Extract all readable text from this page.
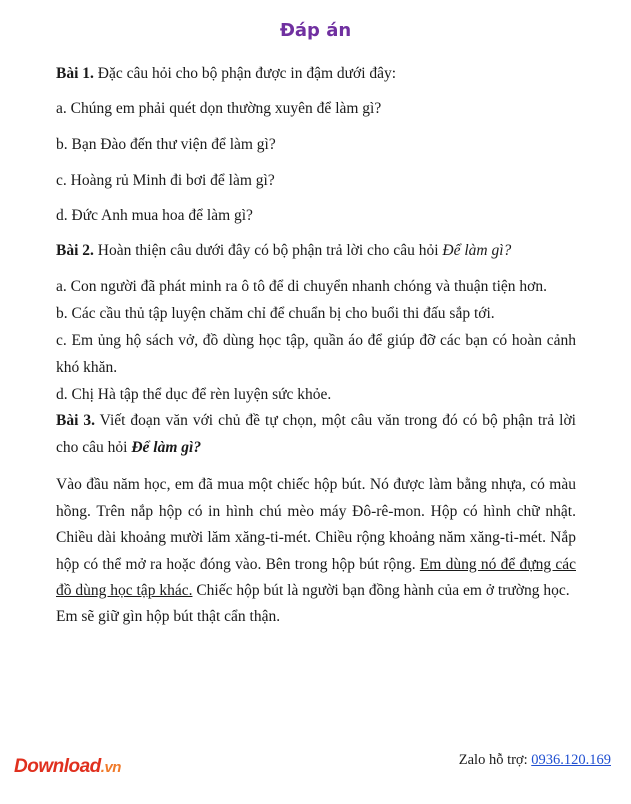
Đáp án
Bài 1. Đặc câu hỏi cho bộ phận được in đậm dưới đây:
a. Chúng em phải quét dọn thường xuyên để làm gì?
b. Bạn Đào đến thư viện để làm gì?
c. Hoàng rủ Minh đi bơi để làm gì?
d. Đức Anh mua hoa để làm gì?
Bài 2. Hoàn thiện câu dưới đây có bộ phận trả lời cho câu hỏi Để làm gì?
a. Con người đã phát minh ra ô tô để di chuyển nhanh chóng và thuận tiện hơn.
b. Các cầu thủ tập luyện chăm chỉ để chuẩn bị cho buổi thi đấu sắp tới.
c. Em ủng hộ sách vở, đồ dùng học tập, quần áo để giúp đỡ các bạn có hoàn cảnh
khó khăn.
d. Chị Hà tập thể dục để rèn luyện sức khỏe.
Bài 3. Viết đoạn văn với chủ đề tự chọn, một câu văn trong đó có bộ phận trả lời
cho câu hỏi Để làm gì?
Vào đầu năm học, em đã mua một chiếc hộp bút. Nó được làm bằng nhựa, có màu
hồng. Trên nắp hộp có in hình chú mèo máy Đô-rê-mon. Hộp có hình chữ nhật.
Chiều dài khoảng mười lăm xăng-ti-mét. Chiều rộng khoảng năm xăng-ti-mét. Nắp
hộp có thể mở ra hoặc đóng vào. Bên trong hộp bút rộng. Em dùng nó để đựng các
đồ dùng học tập khác. Chiếc hộp bút là người bạn đồng hành của em ở trường học.
Em sẽ giữ gìn hộp bút thật cẩn thận.
Download.vn	Zalo hỗ trợ: 0936.120.169
